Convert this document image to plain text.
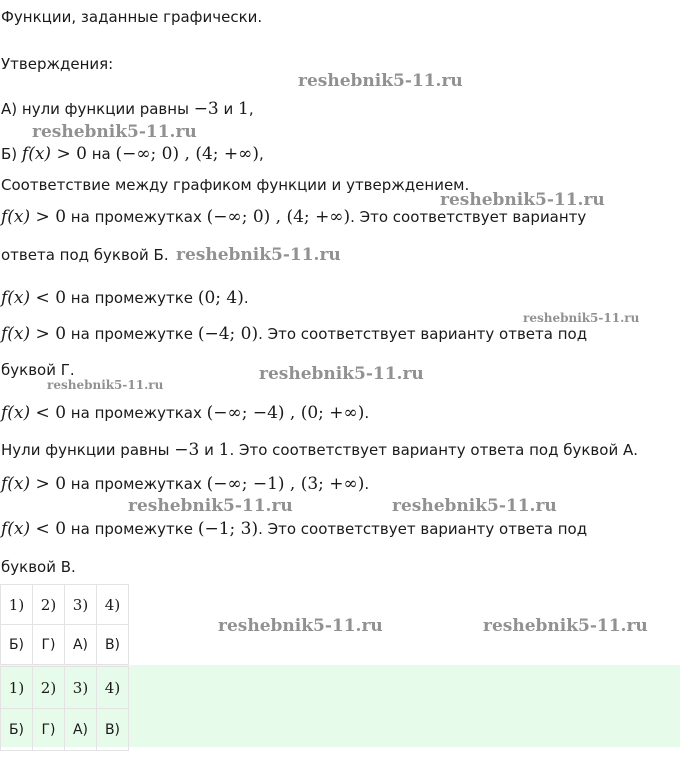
Функции, заданные графически.
Утверждения:
А) нули функции равны −3 и 1,
Б) f(x) > 0 на (−∞; 0) , (4; +∞),
Соответствие между графиком функции и утверждением.
f(x) > 0 на промежутках (−∞; 0) , (4; +∞). Это соответствует варианту
ответа под буквой Б.
f(x) < 0 на промежутке (0; 4).
f(x) > 0 на промежутке (−4; 0). Это соответствует варианту ответа под
буквой Г.
f(x) < 0 на промежутках (−∞; −4) , (0; +∞).
Нули функции равны −3 и 1. Это соответствует варианту ответа под буквой А.
f(x) > 0 на промежутках (−∞; −1) , (3; +∞).
f(x) < 0 на промежутке (−1; 3). Это соответствует варианту ответа под
буквой В.
1)	2)	3)	4)
Б)	Г)	А)	В)
1)	2)	3)	4)
Б)	Г)	А)	В)
reshebnik5-11.ru
reshebnik5-11.ru
reshebnik5-11.ru
reshebnik5-11.ru
reshebnik5-11.ru
reshebnik5-11.ru
reshebnik5-11.ru
reshebnik5-11.ru	reshebnik5-11.ru
reshebnik5-11.ru	reshebnik5-11.ru
